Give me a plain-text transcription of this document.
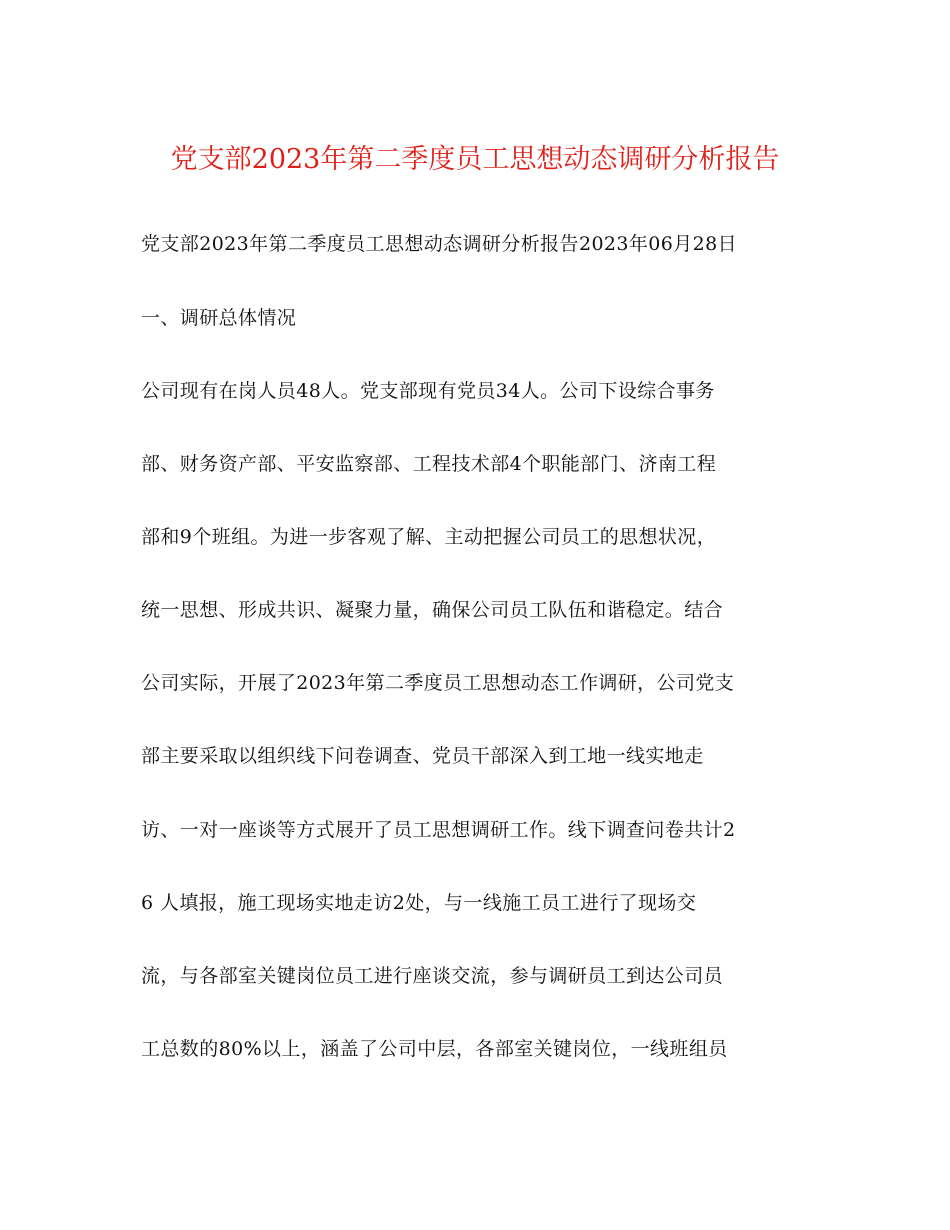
党支部2023年第二季度员工思想动态调研分析报告
党支部2023年第二季度员工思想动态调研分析报告2023年06月28日
一、调研总体情况
公司现有在岗人员48人。党支部现有党员34人。公司下设综合事务
部、财务资产部、平安监察部、工程技术部4个职能部门、济南工程
部和9个班组。为进一步客观了解、主动把握公司员工的思想状况，
统一思想、形成共识、凝聚力量，确保公司员工队伍和谐稳定。结合
公司实际，开展了2023年第二季度员工思想动态工作调研，公司党支
部主要采取以组织线下问卷调查、党员干部深入到工地一线实地走
访、一对一座谈等方式展开了员工思想调研工作。线下调查问卷共计2
6 人填报，施工现场实地走访2处，与一线施工员工进行了现场交
流，与各部室关键岗位员工进行座谈交流，参与调研员工到达公司员
工总数的80%以上，涵盖了公司中层，各部室关键岗位，一线班组员
